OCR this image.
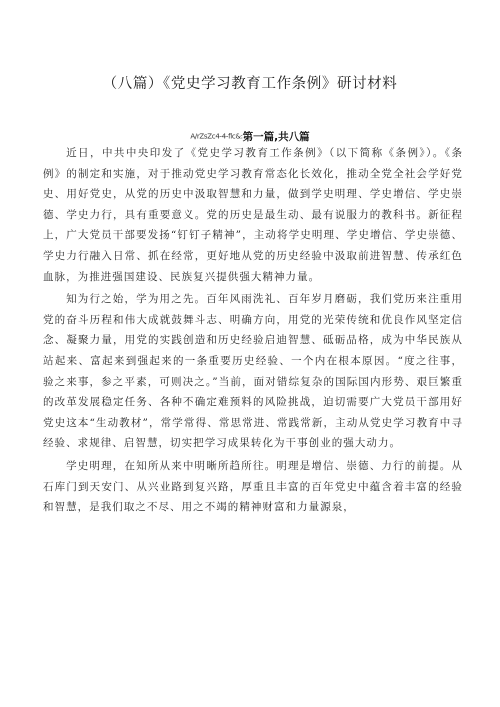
（八篇）《党史学习教育工作条例》研讨材料
A/rZsZc4-4-flc&:第一篇,共八篇

近日，中共中央印发了《党史学习教育工作条例》（以下简称《条例》）。《条例》的制定和实施，对于推动党史学习教育常态化长效化，推动全党全社会学好党史、用好党史，从党的历史中汲取智慧和力量，做到学史明理、学史增信、学史崇德、学史力行，具有重要意义。党的历史是最生动、最有说服力的教科书。新征程上，广大党员干部要发扬“钉钉子精神”，主动将学史明理、学史增信、学史崇德、学史力行融入日常、抓在经常，更好地从党的历史经验中汲取前进智慧、传承红色血脉，为推进强国建设、民族复兴提供强大精神力量。

知为行之始，学为用之先。百年风雨洗礼、百年岁月磨砺，我们党历来注重用党的奋斗历程和伟大成就鼓舞斗志、明确方向，用党的光荣传统和优良作风坚定信念、凝聚力量，用党的实践创造和历史经验启迪智慧、砥砺品格，成为中华民族从站起来、富起来到强起来的一条重要历史经验、一个内在根本原因。“度之往事，验之来事，参之平素，可则决之。”当前，面对错综复杂的国际国内形势、艰巨繁重的改革发展稳定任务、各种不确定难预料的风险挑战，迫切需要广大党员干部用好党史这本“生动教材”，常学常得、常思常进、常践常新，主动从党史学习教育中寻经验、求规律、启智慧，切实把学习成果转化为干事创业的强大动力。

学史明理，在知所从来中明晰所趋所往。明理是增信、崇德、力行的前提。从石库门到天安门、从兴业路到复兴路，厚重且丰富的百年党史中蕴含着丰富的经验和智慧，是我们取之不尽、用之不竭的精神财富和力量源泉，
